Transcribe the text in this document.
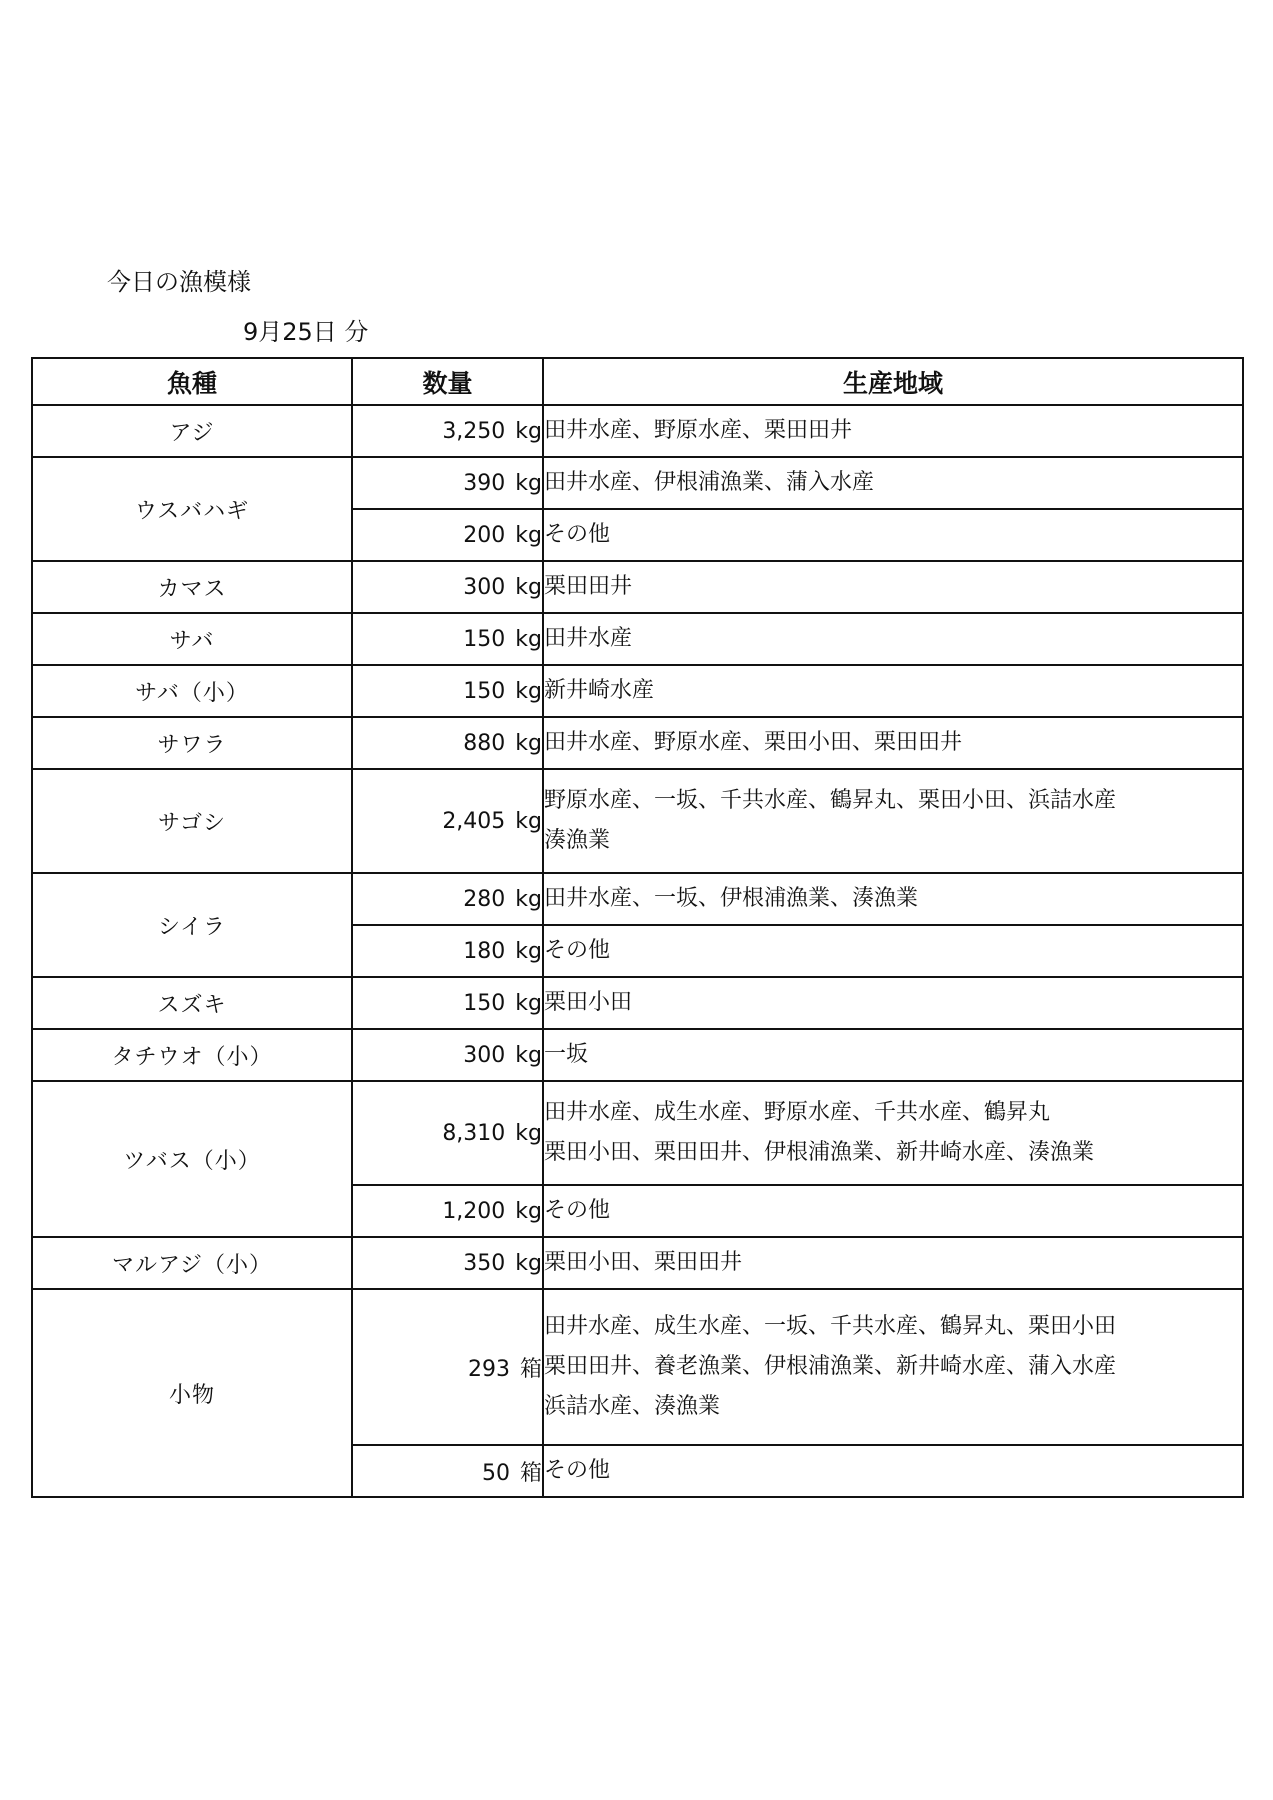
今日の漁模様
9月25日 分
魚種	数量	生産地域
アジ	3,250 kg	田井水産、野原水産、栗田田井

ウスバハギ	390 kg	田井水産、伊根浦漁業、蒲入水産

	200 kg	その他

カマス	300 kg	栗田田井

サバ	150 kg	田井水産

サバ（小）	150 kg	新井崎水産

サワラ	880 kg	田井水産、野原水産、栗田小田、栗田田井

サゴシ	2,405 kg	野原水産、一坂、千共水産、鶴昇丸、栗田小田、浜詰水産
湊漁業

シイラ	280 kg	田井水産、一坂、伊根浦漁業、湊漁業

	180 kg	その他

スズキ	150 kg	栗田小田

タチウオ（小）	300 kg	一坂

ツバス（小）	8,310 kg	田井水産、成生水産、野原水産、千共水産、鶴昇丸
栗田小田、栗田田井、伊根浦漁業、新井崎水産、湊漁業

	1,200 kg	その他

マルアジ（小）	350 kg	栗田小田、栗田田井

小物	293 箱	田井水産、成生水産、一坂、千共水産、鶴昇丸、栗田小田
栗田田井、養老漁業、伊根浦漁業、新井崎水産、蒲入水産
浜詰水産、湊漁業

	50 箱	その他
